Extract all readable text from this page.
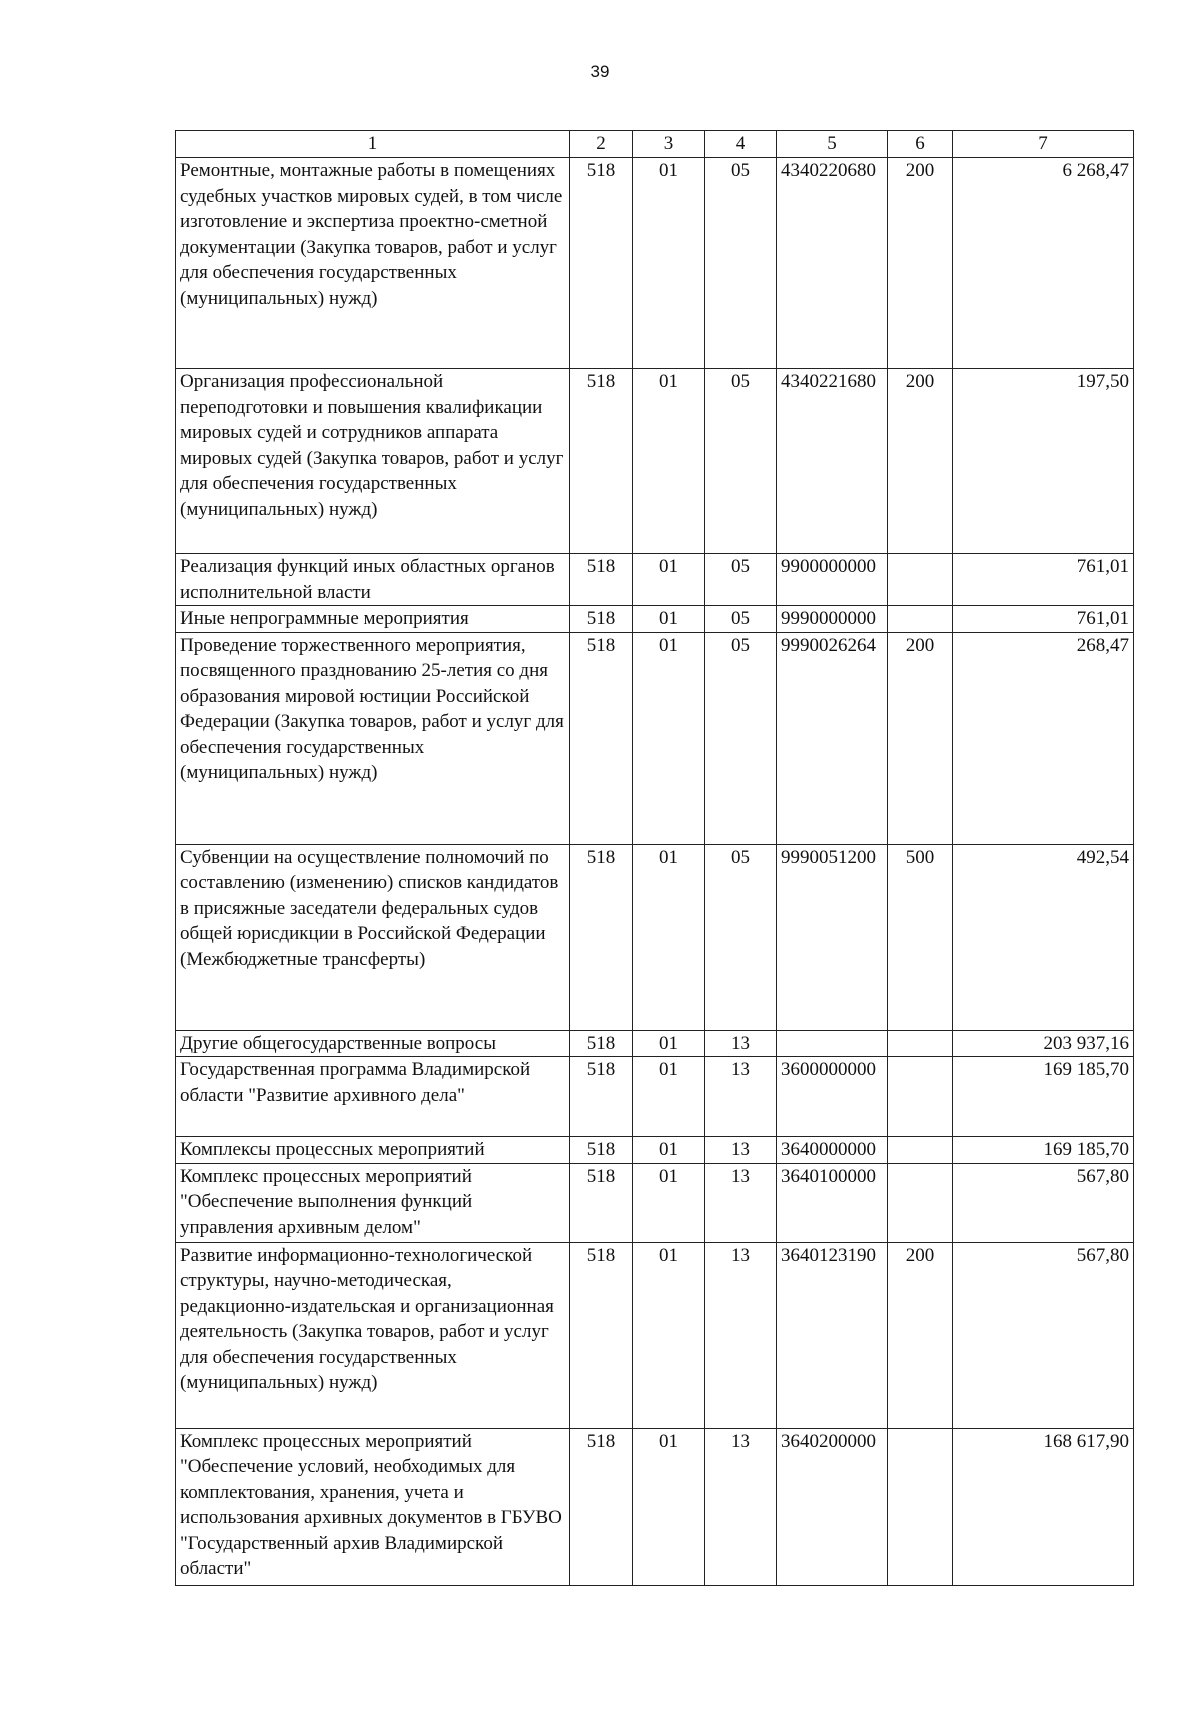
39
1	2	3	4	5	6	7
Ремонтные, монтажные работы в помещениях судебных участков мировых судей, в том числе изготовление и экспертиза проектно-сметной документации (Закупка товаров, работ и услуг для обеспечения государственных (муниципальных) нужд)	518	01	05	4340220680	200	6 268,47
Организация профессиональной переподготовки и повышения квалификации мировых судей и сотрудников аппарата мировых судей (Закупка товаров, работ и услуг для обеспечения государственных (муниципальных) нужд)	518	01	05	4340221680	200	197,50
Реализация функций иных областных органов исполнительной власти	518	01	05	9900000000		761,01
Иные непрограммные мероприятия	518	01	05	9990000000		761,01
Проведение торжественного мероприятия, посвященного празднованию 25-летия со дня образования мировой юстиции Российской Федерации (Закупка товаров, работ и услуг для обеспечения государственных (муниципальных) нужд)	518	01	05	9990026264	200	268,47
Субвенции на осуществление полномочий по составлению (изменению) списков кандидатов в присяжные заседатели федеральных судов общей юрисдикции в Российской Федерации (Межбюджетные трансферты)	518	01	05	9990051200	500	492,54
Другие общегосударственные вопросы	518	01	13			203 937,16
Государственная программа Владимирской области "Развитие архивного дела"	518	01	13	3600000000		169 185,70
Комплексы процессных мероприятий	518	01	13	3640000000		169 185,70
Комплекс процессных мероприятий "Обеспечение выполнения функций управления архивным делом"	518	01	13	3640100000		567,80
Развитие информационно-технологической структуры, научно-методическая, редакционно-издательская и организационная деятельность (Закупка товаров, работ и услуг для обеспечения государственных (муниципальных) нужд)	518	01	13	3640123190	200	567,80
Комплекс процессных мероприятий "Обеспечение условий, необходимых для комплектования, хранения, учета и использования архивных документов в ГБУВО "Государственный архив Владимирской области"	518	01	13	3640200000		168 617,90
